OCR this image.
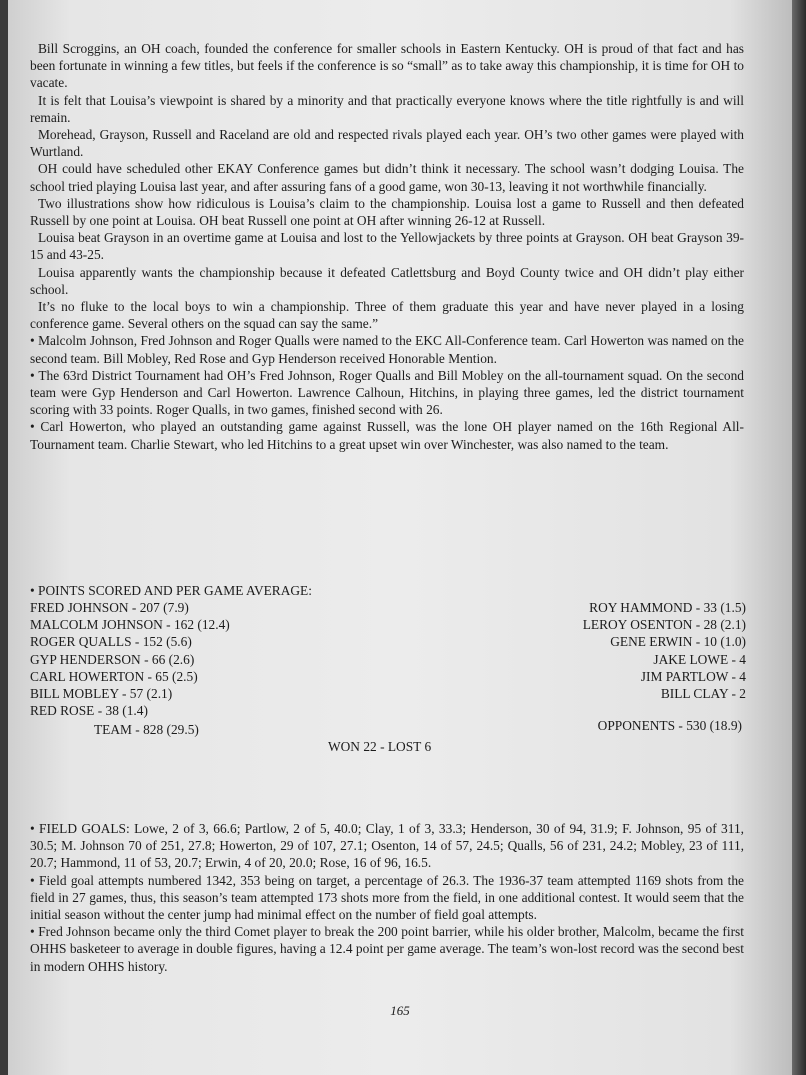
Bill Scroggins, an OH coach, founded the conference for smaller schools in Eastern Kentucky. OH is proud of that fact and has been fortunate in winning a few titles, but feels if the conference is so “small” as to take away this championship, it is time for OH to vacate.

It is felt that Louisa’s viewpoint is shared by a minority and that practically everyone knows where the title rightfully is and will remain.

Morehead, Grayson, Russell and Raceland are old and respected rivals played each year. OH’s two other games were played with Wurtland.

OH could have scheduled other EKAY Conference games but didn’t think it necessary. The school wasn’t dodging Louisa. The school tried playing Louisa last year, and after assuring fans of a good game, won 30-13, leaving it not worthwhile financially.

Two illustrations show how ridiculous is Louisa’s claim to the championship. Louisa lost a game to Russell and then defeated Russell by one point at Louisa. OH beat Russell one point at OH after winning 26-12 at Russell.

Louisa beat Grayson in an overtime game at Louisa and lost to the Yellowjackets by three points at Grayson. OH beat Grayson 39-15 and 43-25.

Louisa apparently wants the championship because it defeated Catlettsburg and Boyd County twice and OH didn’t play either school.

It’s no fluke to the local boys to win a championship. Three of them graduate this year and have never played in a losing conference game. Several others on the squad can say the same.”

• Malcolm Johnson, Fred Johnson and Roger Qualls were named to the EKC All-Conference team. Carl Howerton was named on the second team. Bill Mobley, Red Rose and Gyp Henderson received Honorable Mention.

• The 63rd District Tournament had OH’s Fred Johnson, Roger Qualls and Bill Mobley on the all-tournament squad. On the second team were Gyp Henderson and Carl Howerton. Lawrence Calhoun, Hitchins, in playing three games, led the district tournament scoring with 33 points. Roger Qualls, in two games, finished second with 26.

• Carl Howerton, who played an outstanding game against Russell, was the lone OH player named on the 16th Regional All-Tournament team. Charlie Stewart, who led Hitchins to a great upset win over Winchester, was also named to the team.

• POINTS SCORED AND PER GAME AVERAGE:
FRED JOHNSON - 207 (7.9)
MALCOLM JOHNSON - 162 (12.4)
ROGER QUALLS - 152 (5.6)
GYP HENDERSON - 66 (2.6)
CARL HOWERTON - 65 (2.5)
BILL MOBLEY - 57 (2.1)
RED ROSE - 38 (1.4)
ROY HAMMOND - 33 (1.5)
LEROY OSENTON - 28 (2.1)
GENE ERWIN - 10 (1.0)
JAKE LOWE - 4
JIM PARTLOW - 4
BILL CLAY - 2
TEAM - 828 (29.5)	OPPONENTS - 530 (18.9)
WON 22 - LOST 6

• FIELD GOALS: Lowe, 2 of 3, 66.6; Partlow, 2 of 5, 40.0; Clay, 1 of 3, 33.3; Henderson, 30 of 94, 31.9; F. Johnson, 95 of 311, 30.5; M. Johnson 70 of 251, 27.8; Howerton, 29 of 107, 27.1; Osenton, 14 of 57, 24.5; Qualls, 56 of 231, 24.2; Mobley, 23 of 111, 20.7; Hammond, 11 of 53, 20.7; Erwin, 4 of 20, 20.0; Rose, 16 of 96, 16.5.

• Field goal attempts numbered 1342, 353 being on target, a percentage of 26.3. The 1936-37 team attempted 1169 shots from the field in 27 games, thus, this season’s team attempted 173 shots more from the field, in one additional contest. It would seem that the initial season without the center jump had minimal effect on the number of field goal attempts.

• Fred Johnson became only the third Comet player to break the 200 point barrier, while his older brother, Malcolm, became the first OHHS basketeer to average in double figures, having a 12.4 point per game average. The team’s won-lost record was the second best in modern OHHS history.

165
